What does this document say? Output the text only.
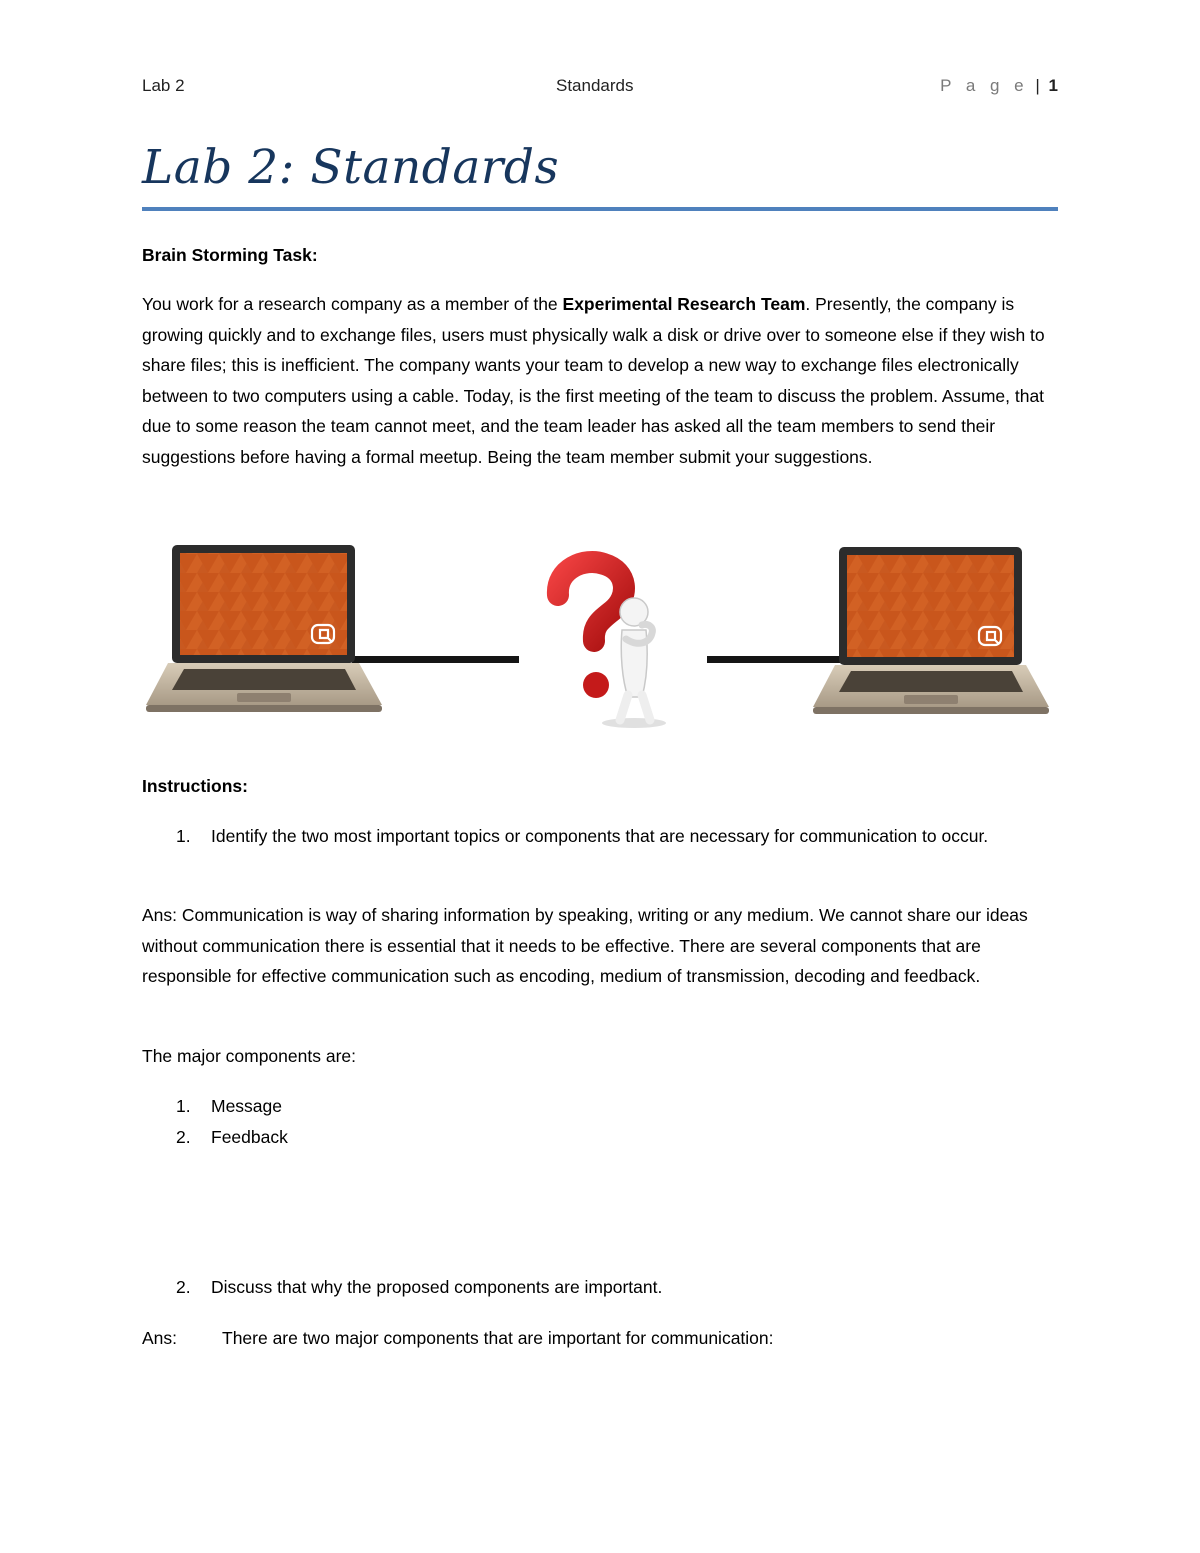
Lab 2	Standards	P a g e | 1
Lab 2: Standards
Brain Storming Task:
You work for a research company as a member of the Experimental Research Team. Presently, the company is growing quickly and to exchange files, users must physically walk a disk or drive over to someone else if they wish to share files; this is inefficient. The company wants your team to develop a new way to exchange files electronically between to two computers using a cable. Today, is the first meeting of the team to discuss the problem. Assume, that due to some reason the team cannot meet, and the team leader has asked all the team members to send their suggestions before having a formal meetup. Being the team member submit your suggestions.
Instructions:
1.	Identify the two most important topics or components that are necessary for communication to occur.
Ans: Communication is way of sharing information by speaking, writing or any medium. We cannot share our ideas without communication there is essential that it needs to be effective. There are several components that are responsible for effective communication such as encoding, medium of transmission, decoding and feedback.
The major components are:
1.	Message
2.	Feedback
2.	Discuss that why the proposed components are important.
Ans:	There are two major components that are important for communication:
